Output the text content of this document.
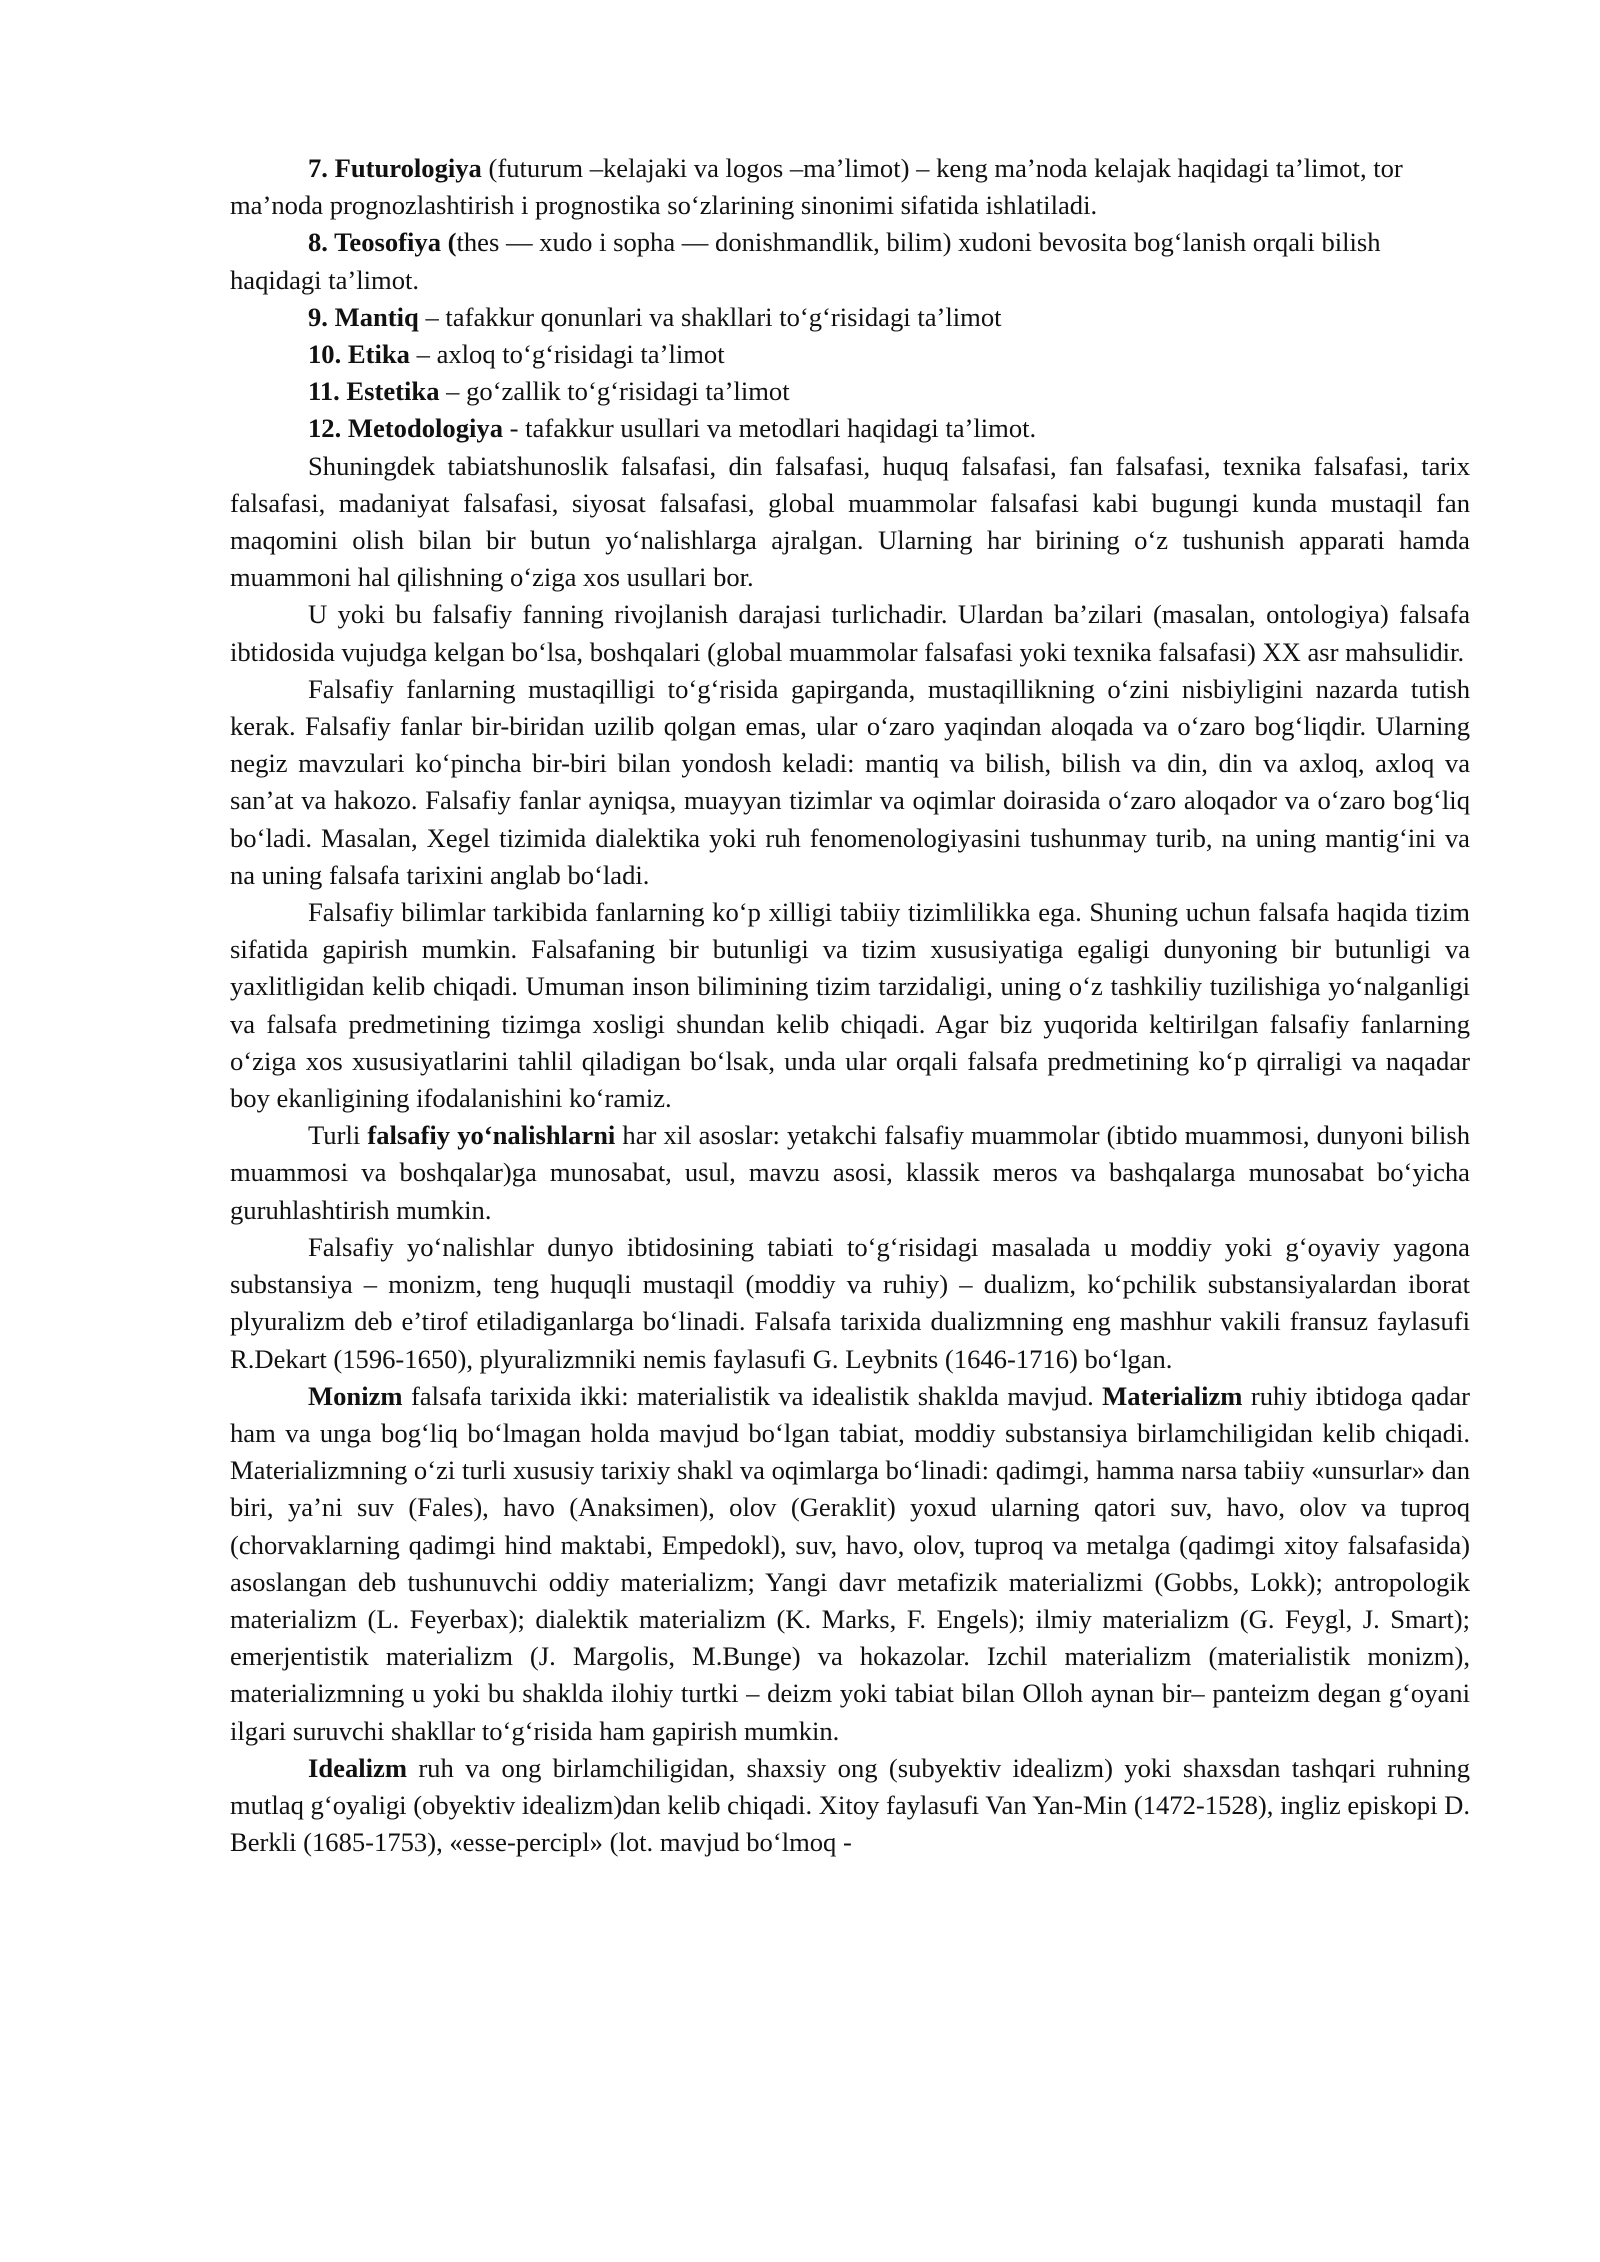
7. Futurologiya (futurum –kelajaki va logos –ma’limot) – keng ma’noda kelajak haqidagi ta’limot, tor ma’noda prognozlashtirish i prognostika so‘zlarining sinonimi sifatida ishlatiladi.

8. Teosofiya (thes — xudo i sopha — donishmandlik, bilim) xudoni bevosita bog‘lanish orqali bilish haqidagi ta’limot.

9. Mantiq – tafakkur qonunlari va shakllari to‘g‘risidagi ta’limot

10. Etika – axloq to‘g‘risidagi ta’limot

11. Estetika – go‘zallik to‘g‘risidagi ta’limot

12. Metodologiya - tafakkur usullari va metodlari haqidagi ta’limot.

Shuningdek tabiatshunoslik falsafasi, din falsafasi, huquq falsafasi, fan falsafasi, texnika falsafasi, tarix falsafasi, madaniyat falsafasi, siyosat falsafasi, global muammolar falsafasi kabi bugungi kunda mustaqil fan maqomini olish bilan bir butun yo‘nalishlarga ajralgan. Ularning har birining o‘z tushunish apparati hamda muammoni hal qilishning o‘ziga xos usullari bor.

U yoki bu falsafiy fanning rivojlanish darajasi turlichadir. Ulardan ba’zilari (masalan, ontologiya) falsafa ibtidosida vujudga kelgan bo‘lsa, boshqalari (global muammolar falsafasi yoki texnika falsafasi) XX asr mahsulidir.

Falsafiy fanlarning mustaqilligi to‘g‘risida gapirganda, mustaqillikning o‘zini nisbiyligini nazarda tutish kerak. Falsafiy fanlar bir-biridan uzilib qolgan emas, ular o‘zaro yaqindan aloqada va o‘zaro bog‘liqdir. Ularning negiz mavzulari ko‘pincha bir-biri bilan yondosh keladi: mantiq va bilish, bilish va din, din va axloq, axloq va san’at va hakozo. Falsafiy fanlar ayniqsa, muayyan tizimlar va oqimlar doirasida o‘zaro aloqador va o‘zaro bog‘liq bo‘ladi. Masalan, Xegel tizimida dialektika yoki ruh fenomenologiyasini tushunmay turib, na uning mantig‘ini va na uning falsafa tarixini anglab bo‘ladi.

Falsafiy bilimlar tarkibida fanlarning ko‘p xilligi tabiiy tizimlilikka ega. Shuning uchun falsafa haqida tizim sifatida gapirish mumkin. Falsafaning bir butunligi va tizim xususiyatiga egaligi dunyoning bir butunligi va yaxlitligidan kelib chiqadi. Umuman inson bilimining tizim tarzidaligi, uning o‘z tashkiliy tuzilishiga yo‘nalganligi va falsafa predmetining tizimga xosligi shundan kelib chiqadi. Agar biz yuqorida keltirilgan falsafiy fanlarning o‘ziga xos xususiyatlarini tahlil qiladigan bo‘lsak, unda ular orqali falsafa predmetining ko‘p qirraligi va naqadar boy ekanligining ifodalanishini ko‘ramiz.

Turli falsafiy yo‘nalishlarni har xil asoslar: yetakchi falsafiy muammolar (ibtido muammosi, dunyoni bilish muammosi va boshqalar)ga munosabat, usul, mavzu asosi, klassik meros va bashqalarga munosabat bo‘yicha guruhlashtirish mumkin.

Falsafiy yo‘nalishlar dunyo ibtidosining tabiati to‘g‘risidagi masalada u moddiy yoki g‘oyaviy yagona substansiya – monizm, teng huquqli mustaqil (moddiy va ruhiy) – dualizm, ko‘pchilik substansiyalardan iborat plyuralizm deb e’tirof etiladiganlarga bo‘linadi. Falsafa tarixida dualizmning eng mashhur vakili fransuz faylasufi R.Dekart (1596-1650), plyuralizmniki nemis faylasufi G. Leybnits (1646-1716) bo‘lgan.

Monizm falsafa tarixida ikki: materialistik va idealistik shaklda mavjud. Materializm ruhiy ibtidoga qadar ham va unga bog‘liq bo‘lmagan holda mavjud bo‘lgan tabiat, moddiy substansiya birlamchiligidan kelib chiqadi. Materializmning o‘zi turli xususiy tarixiy shakl va oqimlarga bo‘linadi: qadimgi, hamma narsa tabiiy «unsurlar» dan biri, ya’ni suv (Fales), havo (Anaksimen), olov (Geraklit) yoxud ularning qatori suv, havo, olov va tuproq (chorvaklarning qadimgi hind maktabi, Empedokl), suv, havo, olov, tuproq va metalga (qadimgi xitoy falsafasida) asoslangan deb tushunuvchi oddiy materializm; Yangi davr metafizik materializmi (Gobbs, Lokk); antropologik materializm (L. Feyerbax); dialektik materializm (K. Marks, F. Engels); ilmiy materializm (G. Feygl, J. Smart); emerjentistik materializm (J. Margolis, M.Bunge) va hokazolar. Izchil materializm (materialistik monizm), materializmning u yoki bu shaklda ilohiy turtki – deizm yoki tabiat bilan Olloh aynan bir– panteizm degan g‘oyani ilgari suruvchi shakllar to‘g‘risida ham gapirish mumkin.

Idealizm ruh va ong birlamchiligidan, shaxsiy ong (subyektiv idealizm) yoki shaxsdan tashqari ruhning mutlaq g‘oyaligi (obyektiv idealizm)dan kelib chiqadi. Xitoy faylasufi Van Yan-Min (1472-1528), ingliz episkopi D. Berkli (1685-1753), «esse-percipl» (lot. mavjud bo‘lmoq -
